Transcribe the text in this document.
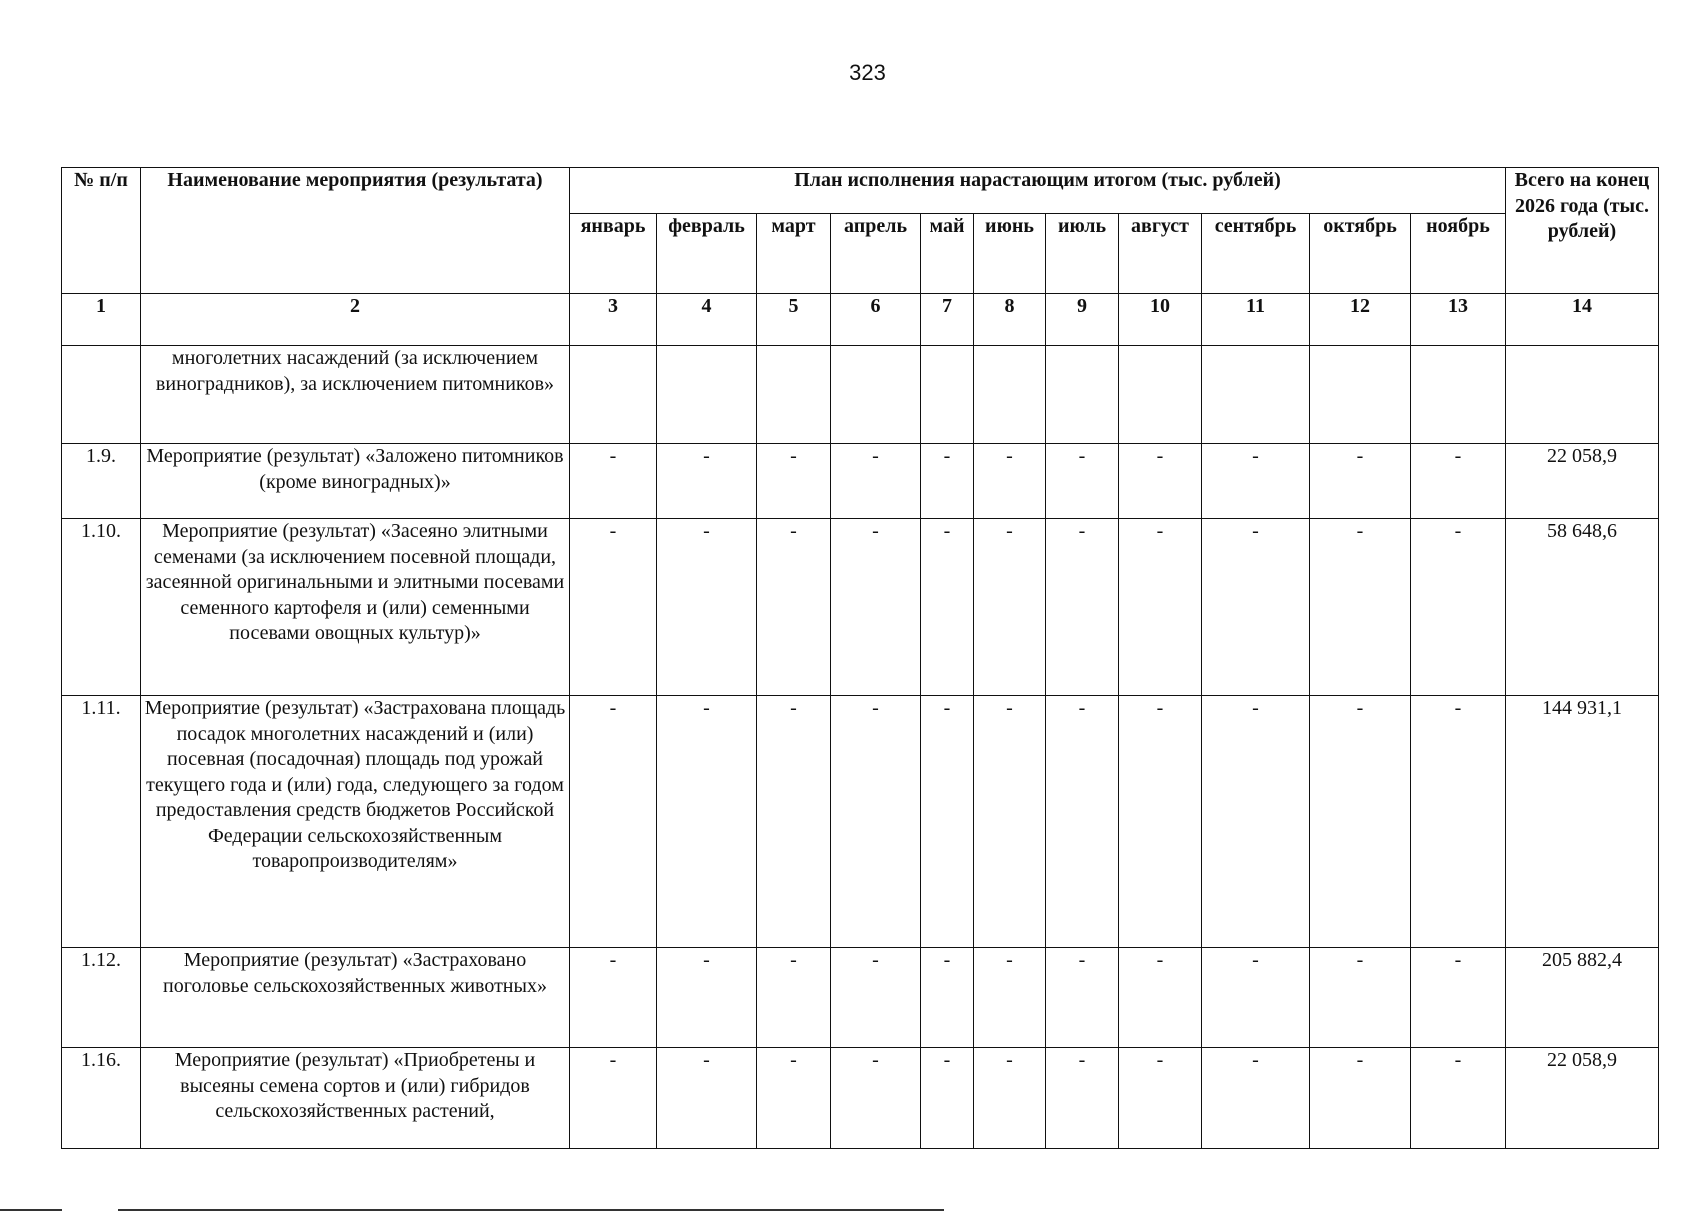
323
№ п/п	Наименование мероприятия (результата)	План исполнения нарастающим итогом (тыс. рублей)											Всего на конец 2026 года (тыс. рублей)
		январь	февраль	март	апрель	май	июнь	июль	август	сентябрь	октябрь	ноябрь	
1	2	3	4	5	6	7	8	9	10	11	12	13	14
	многолетних насаждений (за исключением виноградников), за исключением питомников»												
1.9.	Мероприятие (результат) «Заложено питомников (кроме виноградных)»	-	-	-	-	-	-	-	-	-	-	-	22 058,9
1.10.	Мероприятие (результат) «Засеяно элитными семенами (за исключением посевной площади, засеянной оригинальными и элитными посевами семенного картофеля и (или) семенными посевами овощных культур)»	-	-	-	-	-	-	-	-	-	-	-	58 648,6
1.11.	Мероприятие (результат) «Застрахована площадь посадок многолетних насаждений и (или) посевная (посадочная) площадь под урожай текущего года и (или) года, следующего за годом предоставления средств бюджетов Российской Федерации сельскохозяйственным товаропроизводителям»	-	-	-	-	-	-	-	-	-	-	-	144 931,1
1.12.	Мероприятие (результат) «Застраховано поголовье сельскохозяйственных животных»	-	-	-	-	-	-	-	-	-	-	-	205 882,4
1.16.	Мероприятие (результат) «Приобретены и высеяны семена сортов и (или) гибридов сельскохозяйственных растений,	-	-	-	-	-	-	-	-	-	-	-	22 058,9
